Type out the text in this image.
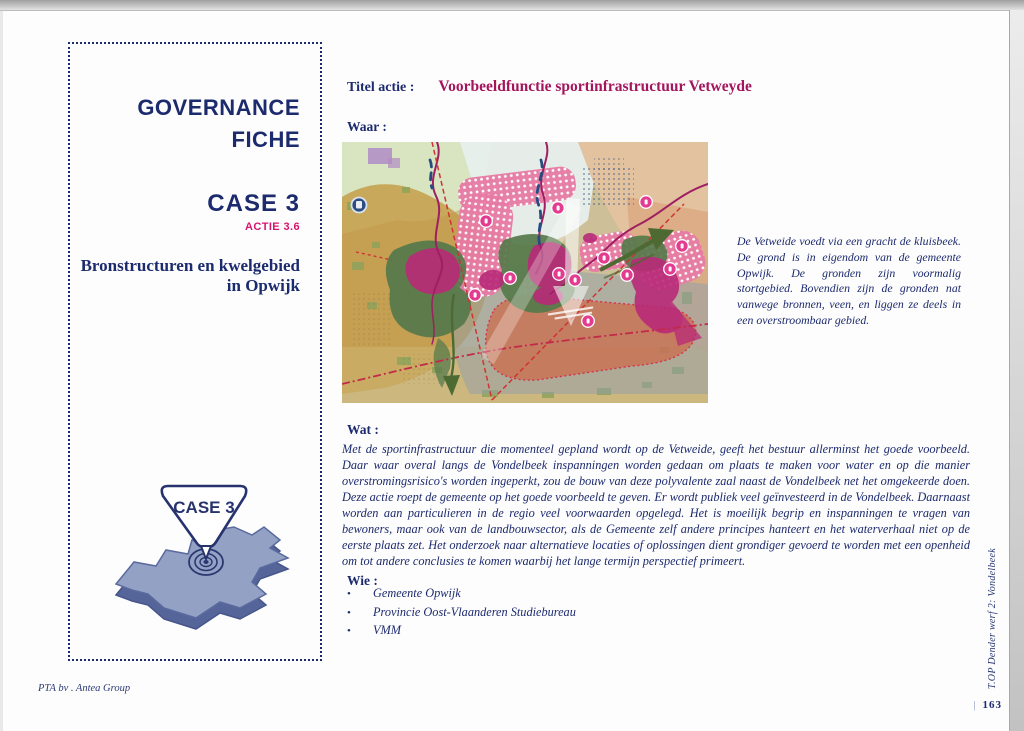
GOVERNANCE
FICHE
CASE 3
ACTIE 3.6
Bronstructuren en kwelgebied
in Opwijk
CASE 3
Titel actie : Voorbeeldfunctie sportinfrastructuur Vetweyde
Waar :
De Vetweide voedt via een gracht de kluisbeek. De grond is in eigendom van de gemeente Opwijk. De gronden zijn voormalig stortgebied. Bovendien zijn de gronden nat vanwege bronnen, veen, en liggen ze deels in een overstroombaar gebied.
Wat :
Met de sportinfrastructuur die momenteel gepland wordt op de Vetweide, geeft het bestuur allerminst het goede voorbeeld. Daar waar overal langs de Vondelbeek inspanningen worden gedaan om plaats te maken voor water en op die manier overstromingsrisico's worden ingeperkt, zou de bouw van deze polyvalente zaal naast de Vondelbeek net het omgekeerde doen. Deze actie roept de gemeente op het goede voorbeeld te geven. Er wordt publiek veel geïnvesteerd in de Vondelbeek. Daarnaast worden aan particulieren in de regio veel voorwaarden opgelegd. Het is moeilijk begrip en inspanningen te vragen van bewoners, maar ook van de landbouwsector, als de Gemeente zelf andere principes hanteert en het waterverhaal niet op de eerste plaats zet. Het onderzoek naar alternatieve locaties of oplossingen dient grondiger gevoerd te worden met een openheid om tot andere conclusies te komen waarbij het lange termijn perspectief primeert.
Wie :
•	Gemeente Opwijk
•	Provincie Oost-Vlaanderen Studiebureau
•	VMM
PTA bv . Antea Group	T.OP Dender werf 2: Vondelbeek
| 163
